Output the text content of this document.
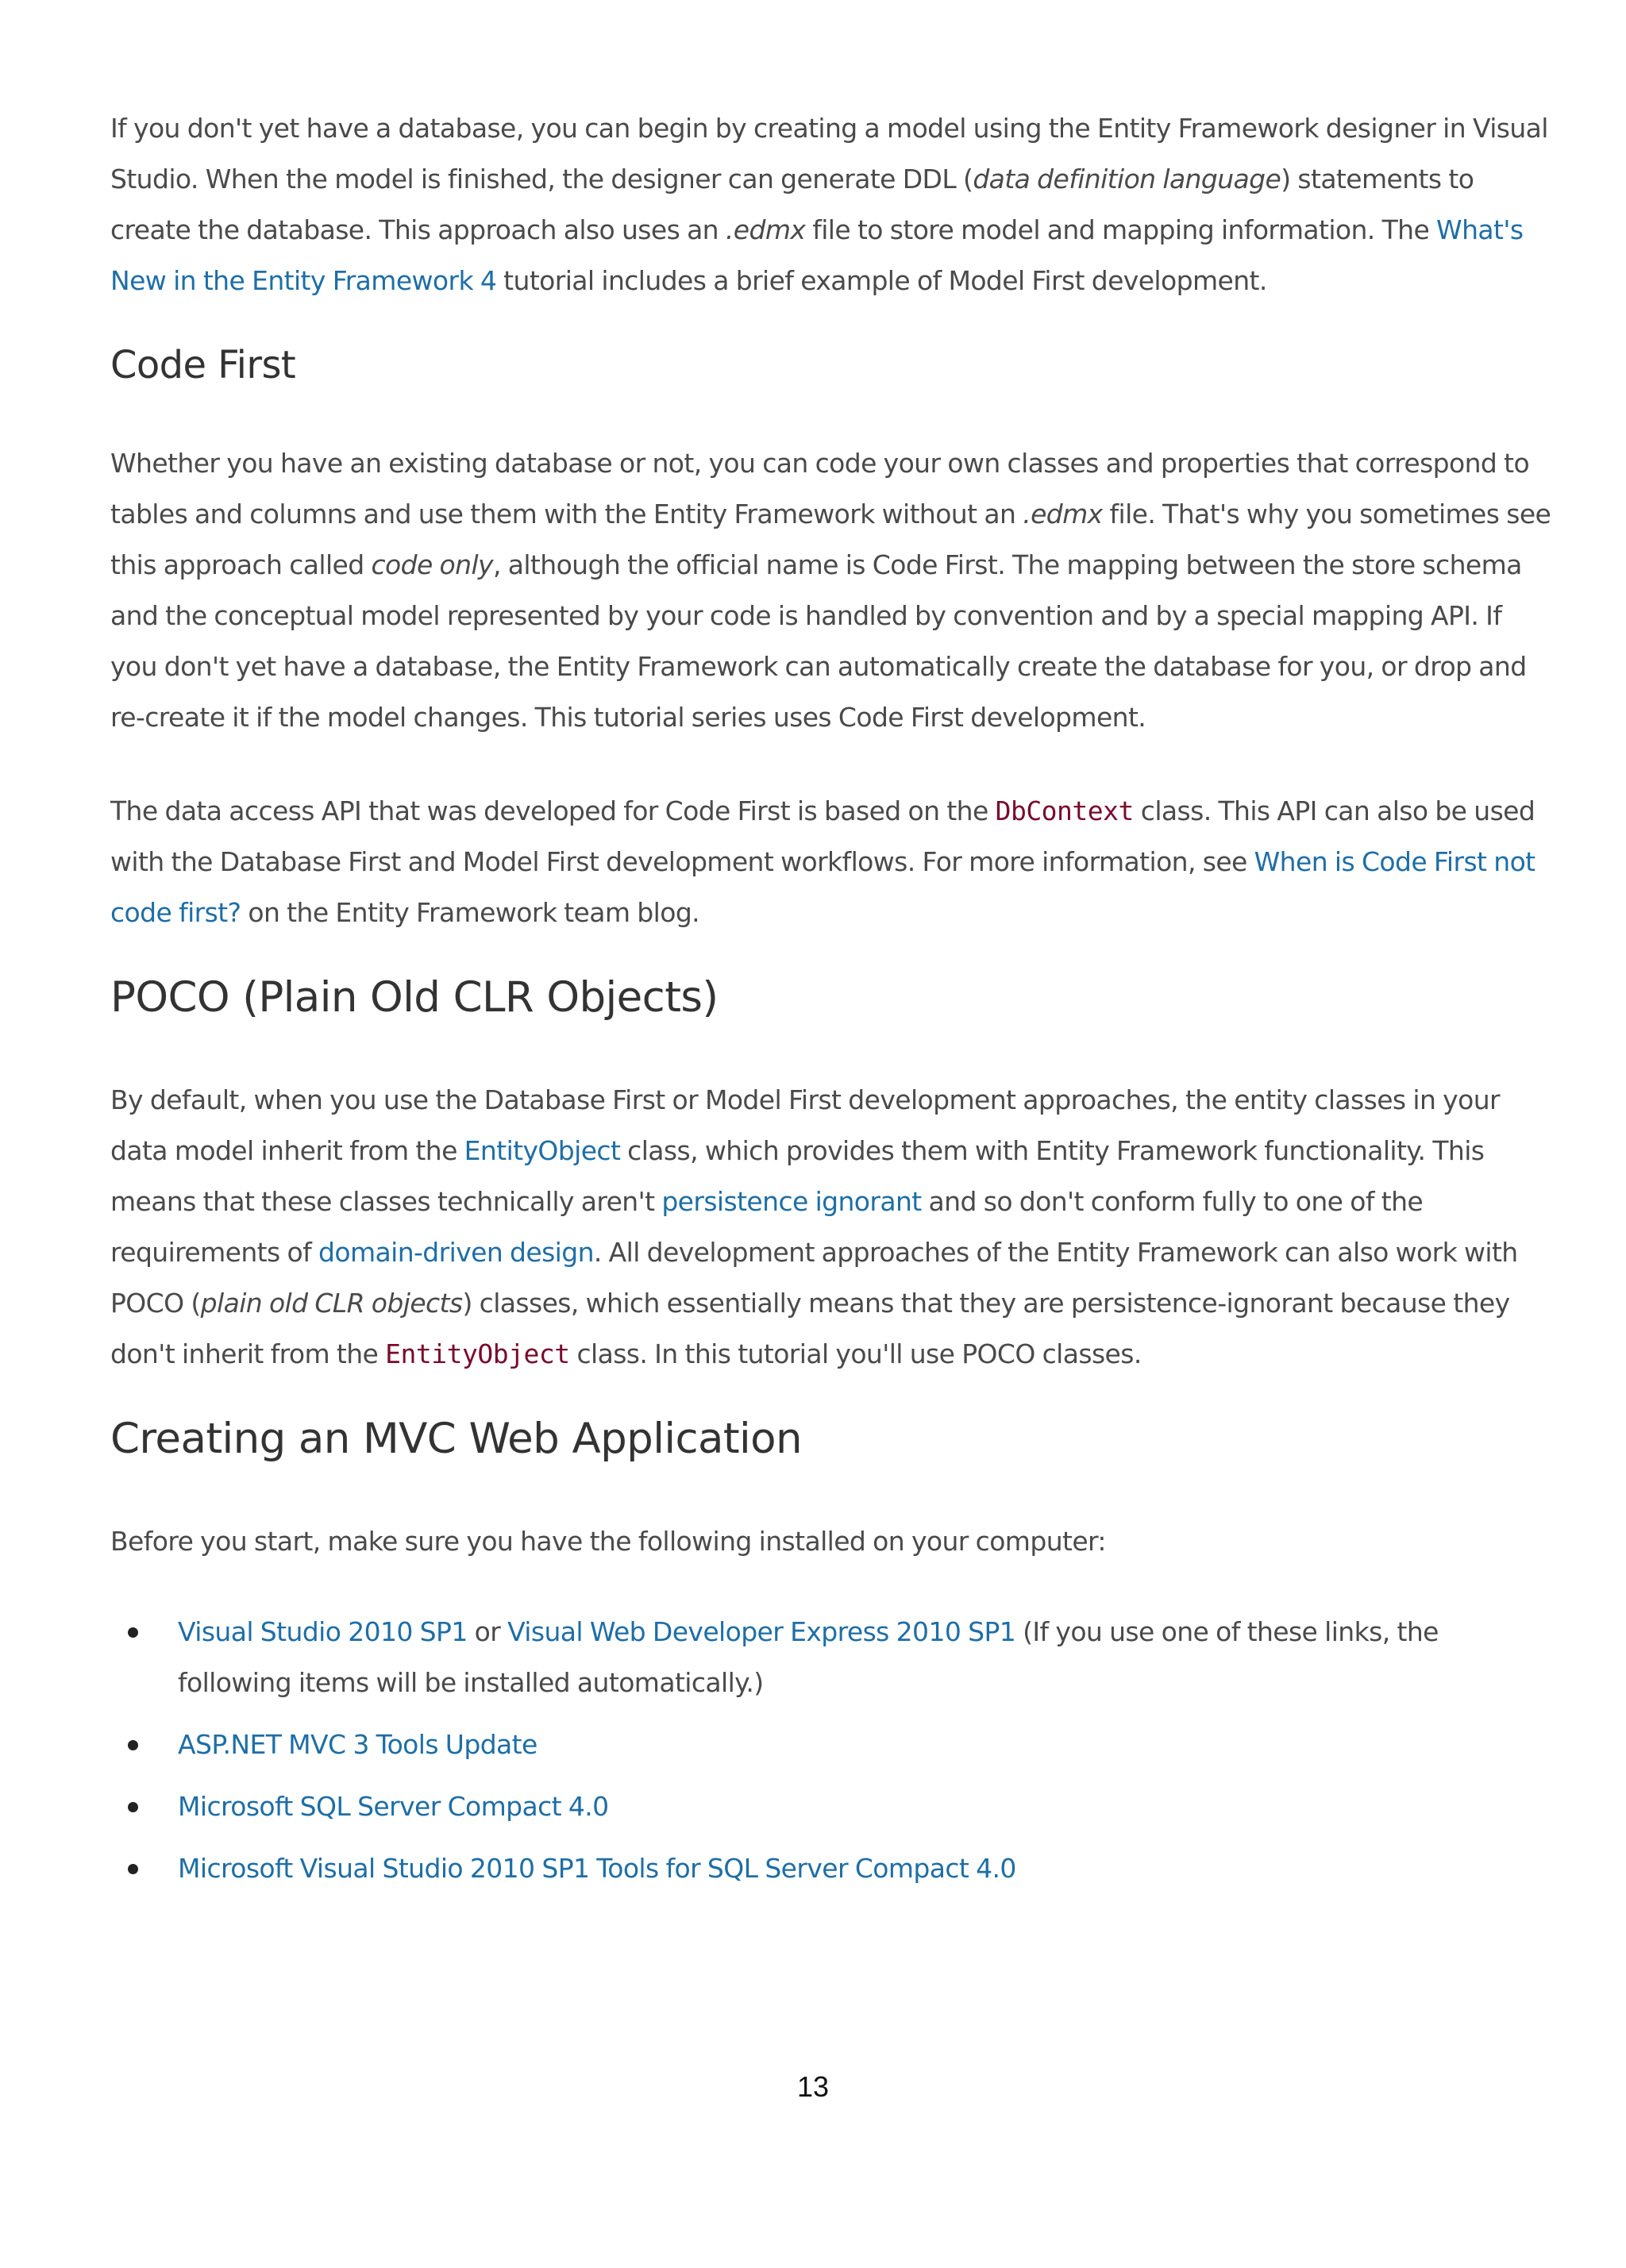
If you don't yet have a database, you can begin by creating a model using the Entity Framework designer in Visual Studio. When the model is finished, the designer can generate DDL (data definition language) statements to create the database. This approach also uses an .edmx file to store model and mapping information. The What's New in the Entity Framework 4 tutorial includes a brief example of Model First development.

Code First

Whether you have an existing database or not, you can code your own classes and properties that correspond to tables and columns and use them with the Entity Framework without an .edmx file. That's why you sometimes see this approach called code only, although the official name is Code First. The mapping between the store schema and the conceptual model represented by your code is handled by convention and by a special mapping API. If you don't yet have a database, the Entity Framework can automatically create the database for you, or drop and re-create it if the model changes. This tutorial series uses Code First development.

The data access API that was developed for Code First is based on the DbContext class. This API can also be used with the Database First and Model First development workflows. For more information, see When is Code First not code first? on the Entity Framework team blog.

POCO (Plain Old CLR Objects)

By default, when you use the Database First or Model First development approaches, the entity classes in your data model inherit from the EntityObject class, which provides them with Entity Framework functionality. This means that these classes technically aren't persistence ignorant and so don't conform fully to one of the requirements of domain-driven design. All development approaches of the Entity Framework can also work with POCO (plain old CLR objects) classes, which essentially means that they are persistence-ignorant because they don't inherit from the EntityObject class. In this tutorial you'll use POCO classes.

Creating an MVC Web Application

Before you start, make sure you have the following installed on your computer:

Visual Studio 2010 SP1 or Visual Web Developer Express 2010 SP1 (If you use one of these links, the following items will be installed automatically.)
ASP.NET MVC 3 Tools Update
Microsoft SQL Server Compact 4.0
Microsoft Visual Studio 2010 SP1 Tools for SQL Server Compact 4.0
13
